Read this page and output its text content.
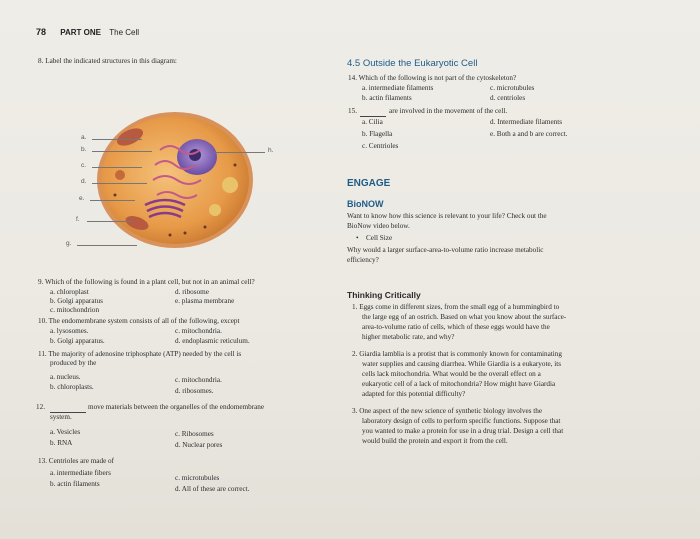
78 PART ONE The Cell
8. Label the indicated structures in this diagram:
a.
b.
c.
d.
e.
f.
g.
h.
9. Which of the following is found in a plant cell, but not in an animal cell?
a. chloroplast	d. ribosome
b. Golgi apparatus	e. plasma membrane
c. mitochondrion
10. The endomembrane system consists of all of the following, except
a. lysosomes.	c. mitochondria.
b. Golgi apparatus.	d. endoplasmic reticulum.
11. The majority of adenosine triphosphate (ATP) needed by the cell is
produced by the
a. nucleus.	c. mitochondria.
b. chloroplasts.	d. ribosomes.
12.	move materials between the organelles of the endomembrane
system.
a. Vesicles	c. Ribosomes
b. RNA	d. Nuclear pores
13. Centrioles are made of
a. intermediate fibers
c. microtubules
b. actin filaments
d. All of these are correct.
4.5 Outside the Eukaryotic Cell
14. Which of the following is not part of the cytoskeleton?
a. intermediate filaments	c. microtubules
b. actin filaments	d. centrioles
15.	are involved in the movement of the cell.
a. Cilia	d. Intermediate filaments
b. Flagella	e. Both a and b are correct.
c. Centrioles
ENGAGE
BioNOW
Want to know how this science is relevant to your life? Check out the
BioNow video below.
• Cell Size
Why would a larger surface-area-to-volume ratio increase metabolic
efficiency?
Thinking Critically
1. Eggs come in different sizes, from the small egg of a hummingbird to
the large egg of an ostrich. Based on what you know about the surface-
area-to-volume ratio of cells, which of these eggs would have the
higher metabolic rate, and why?
2. Giardia lamblia is a protist that is commonly known for contaminating
water supplies and causing diarrhea. While Giardia is a eukaryote, its
cells lack mitochondria. What would be the overall effect on a
eukaryotic cell of a lack of mitochondria? How might have Giardia
adapted for this potential difficulty?
3. One aspect of the new science of synthetic biology involves the
laboratory design of cells to perform specific functions. Suppose that
you wanted to make a protein for use in a drug trial. Design a cell that
would build the protein and export it from the cell.
